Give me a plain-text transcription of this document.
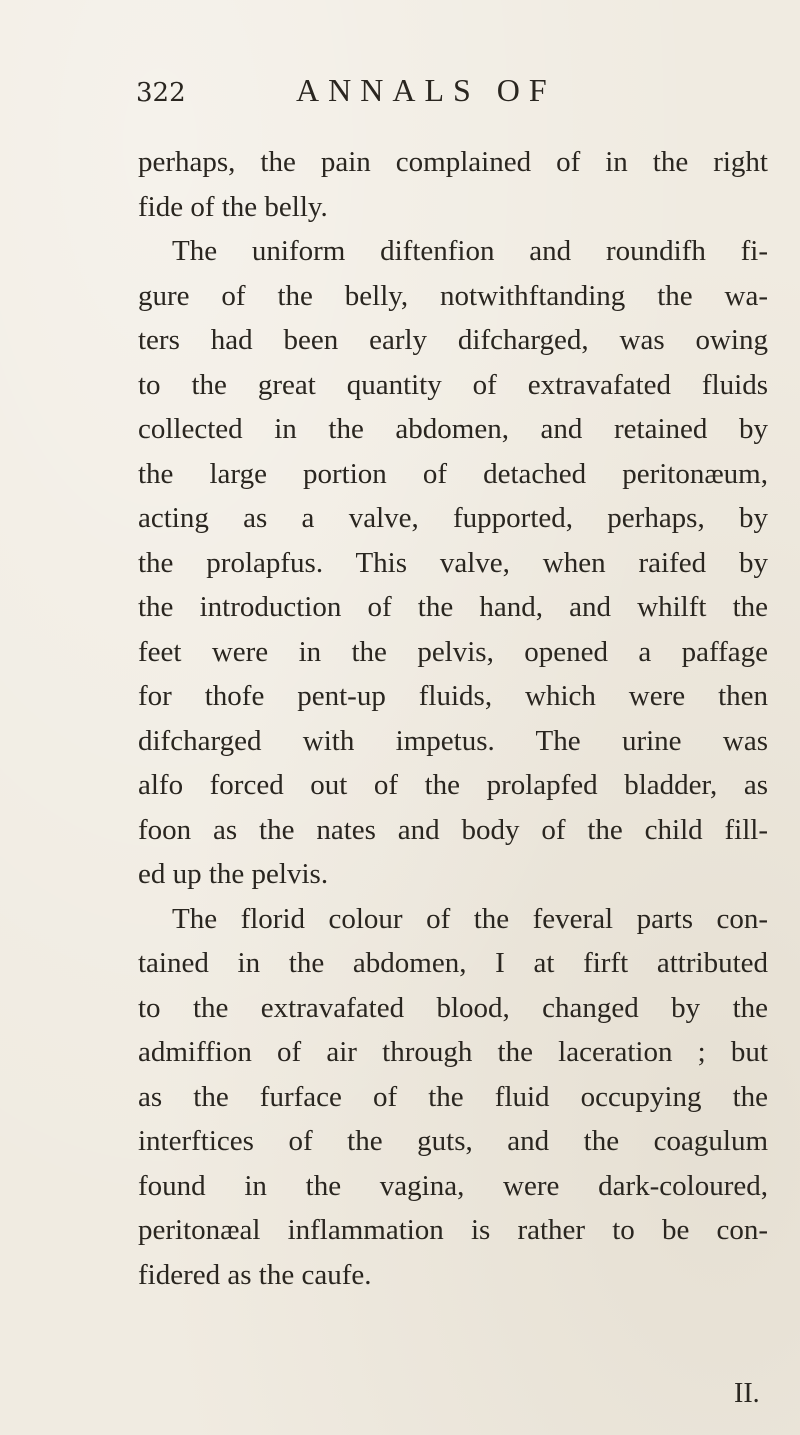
322	ANNALS OF
perhaps, the pain complained of in the right
fide of the belly.
The uniform diftenfion and roundifh fi-
gure of the belly, notwithftanding the wa-
ters had been early difcharged, was owing
to the great quantity of extravafated fluids
collected in the abdomen, and retained by
the large portion of detached peritonæum,
acting as a valve, fupported, perhaps, by
the prolapfus. This valve, when raifed by
the introduction of the hand, and whilft the
feet were in the pelvis, opened a paffage
for thofe pent-up fluids, which were then
difcharged with impetus. The urine was
alfo forced out of the prolapfed bladder, as
foon as the nates and body of the child fill-
ed up the pelvis.
The florid colour of the feveral parts con-
tained in the abdomen, I at firft attributed
to the extravafated blood, changed by the
admiffion of air through the laceration ; but
as the furface of the fluid occupying the
interftices of the guts, and the coagulum
found in the vagina, were dark-coloured,
peritonæal inflammation is rather to be con-
fidered as the caufe.
II.
